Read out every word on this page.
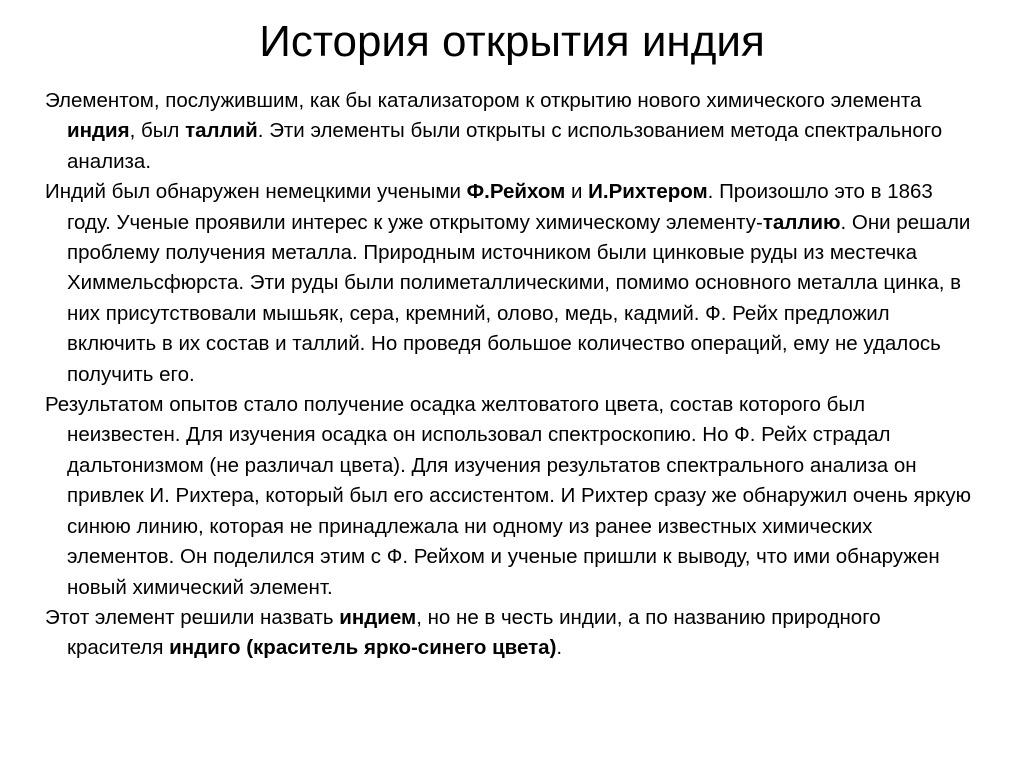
История открытия индия

Элементом, послужившим, как бы катализатором к открытию нового химического элемента индия, был таллий. Эти элементы были открыты с использованием метода спектрального анализа.

Индий был обнаружен немецкими учеными Ф.Рейхом и И.Рихтером. Произошло это в 1863 году. Ученые проявили интерес к уже открытому химическому элементу-таллию. Они решали проблему получения металла. Природным источником были цинковые руды из местечка Химмельсфюрста. Эти руды были полиметаллическими, помимо основного металла цинка, в них присутствовали мышьяк, сера, кремний, олово, медь, кадмий. Ф. Рейх предложил включить в их состав и таллий. Но проведя большое количество операций, ему не удалось получить его.

Результатом опытов стало получение осадка желтоватого цвета, состав которого был неизвестен. Для изучения осадка он использовал спектроскопию. Но Ф. Рейх страдал дальтонизмом (не различал цвета). Для изучения результатов спектрального анализа он привлек И. Рихтера, который был его ассистентом. И Рихтер сразу же обнаружил очень яркую синюю линию, которая не принадлежала ни одному из ранее известных химических элементов. Он поделился этим с Ф. Рейхом и ученые пришли к выводу, что ими обнаружен новый химический элемент.

Этот элемент решили назвать индием, но не в честь индии, а по названию природного красителя индиго (краситель ярко-синего цвета).
